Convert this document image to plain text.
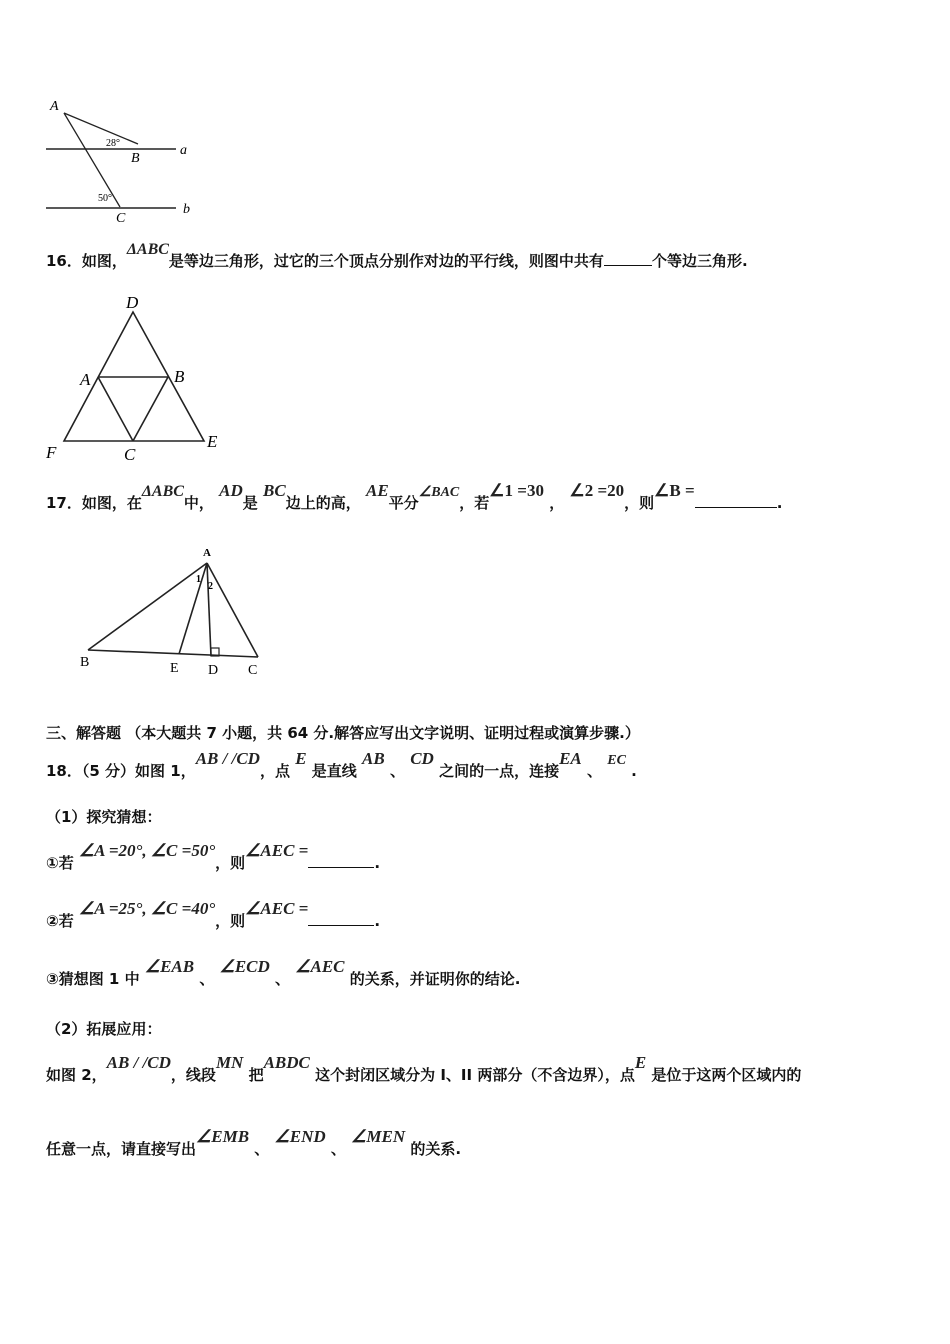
A
B
C
a
b
28°
50°
16．如图，ΔABC是等边三角形，过它的三个顶点分别作对边的平行线，则图中共有	个等边三角形.
D
A	B
F	C
E
17．如图，在ΔABC中， AD是 BC边上的高， AE平分∠BAC，若∠1 =30 ， ∠2 =20，则∠B =.
A
B	E D C
1
2
三、解答题 （本大题共 7 小题，共 64 分.解答应写出文字说明、证明过程或演算步骤.）
18．（5 分）如图 1，AB / /CD，点 E 是直线 AB 、 CD 之间的一点，连接EA 、 EC .
（1）探究猜想：
①若 ∠A =20°, ∠C =50°，则∠AEC =.
②若 ∠A =25°, ∠C =40°，则∠AEC =.
③猜想图 1 中 ∠EAB 、 ∠ECD 、 ∠AEC 的关系，并证明你的结论.
（2）拓展应用：
如图 2，AB / /CD，线段MN 把ABDC 这个封闭区域分为 I、II 两部分（不含边界），点E 是位于这两个区域内的
任意一点，请直接写出∠EMB 、 ∠END 、 ∠MEN 的关系.
